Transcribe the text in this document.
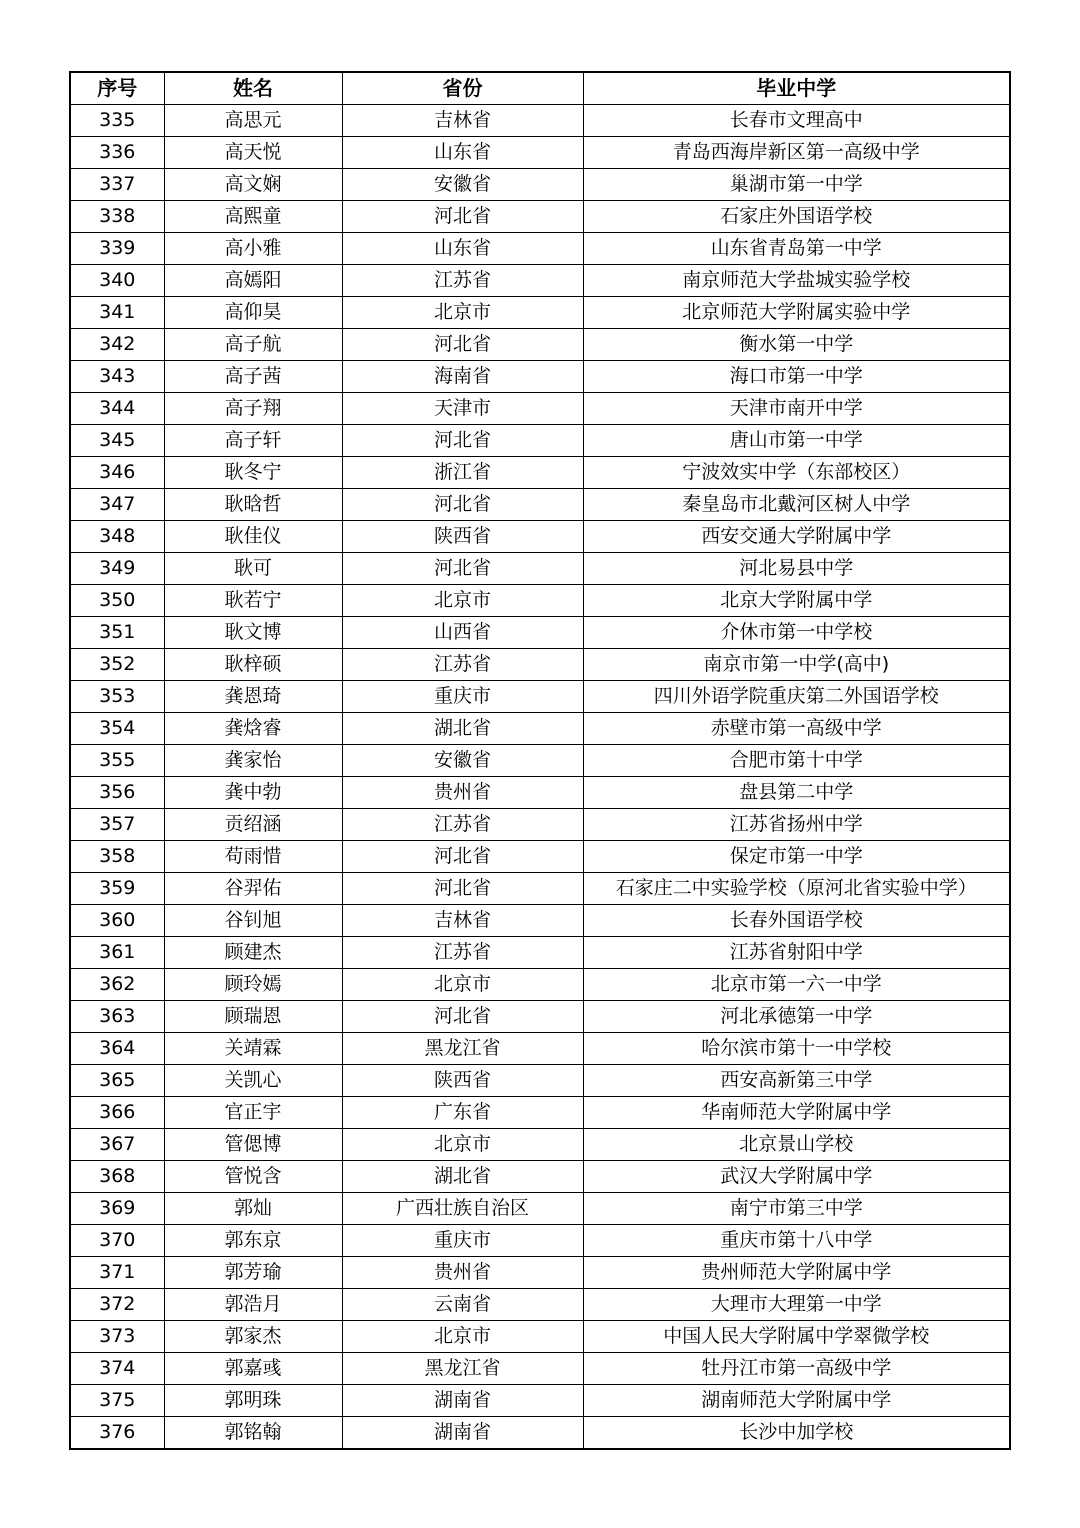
序号	姓名	省份	毕业中学
335	高思元	吉林省	长春市文理高中
336	高天悦	山东省	青岛西海岸新区第一高级中学
337	高文娴	安徽省	巢湖市第一中学
338	高熙童	河北省	石家庄外国语学校
339	高小雅	山东省	山东省青岛第一中学
340	高嫣阳	江苏省	南京师范大学盐城实验学校
341	高仰昊	北京市	北京师范大学附属实验中学
342	高子航	河北省	衡水第一中学
343	高子茜	海南省	海口市第一中学
344	高子翔	天津市	天津市南开中学
345	高子轩	河北省	唐山市第一中学
346	耿冬宁	浙江省	宁波效实中学（东部校区）
347	耿晗哲	河北省	秦皇岛市北戴河区树人中学
348	耿佳仪	陕西省	西安交通大学附属中学
349	耿可	河北省	河北易县中学
350	耿若宁	北京市	北京大学附属中学
351	耿文博	山西省	介休市第一中学校
352	耿梓硕	江苏省	南京市第一中学(高中)
353	龚恩琦	重庆市	四川外语学院重庆第二外国语学校
354	龚焓睿	湖北省	赤壁市第一高级中学
355	龚家怡	安徽省	合肥市第十中学
356	龚中勃	贵州省	盘县第二中学
357	贡绍涵	江苏省	江苏省扬州中学
358	苟雨惜	河北省	保定市第一中学
359	谷羿佑	河北省	石家庄二中实验学校（原河北省实验中学）
360	谷钊旭	吉林省	长春外国语学校
361	顾建杰	江苏省	江苏省射阳中学
362	顾玲嫣	北京市	北京市第一六一中学
363	顾瑞恩	河北省	河北承德第一中学
364	关靖霖	黑龙江省	哈尔滨市第十一中学校
365	关凯心	陕西省	西安高新第三中学
366	官正宇	广东省	华南师范大学附属中学
367	管偲博	北京市	北京景山学校
368	管悦含	湖北省	武汉大学附属中学
369	郭灿	广西壮族自治区	南宁市第三中学
370	郭东京	重庆市	重庆市第十八中学
371	郭芳瑜	贵州省	贵州师范大学附属中学
372	郭浩月	云南省	大理市大理第一中学
373	郭家杰	北京市	中国人民大学附属中学翠微学校
374	郭嘉彧	黑龙江省	牡丹江市第一高级中学
375	郭明珠	湖南省	湖南师范大学附属中学
376	郭铭翰	湖南省	长沙中加学校
